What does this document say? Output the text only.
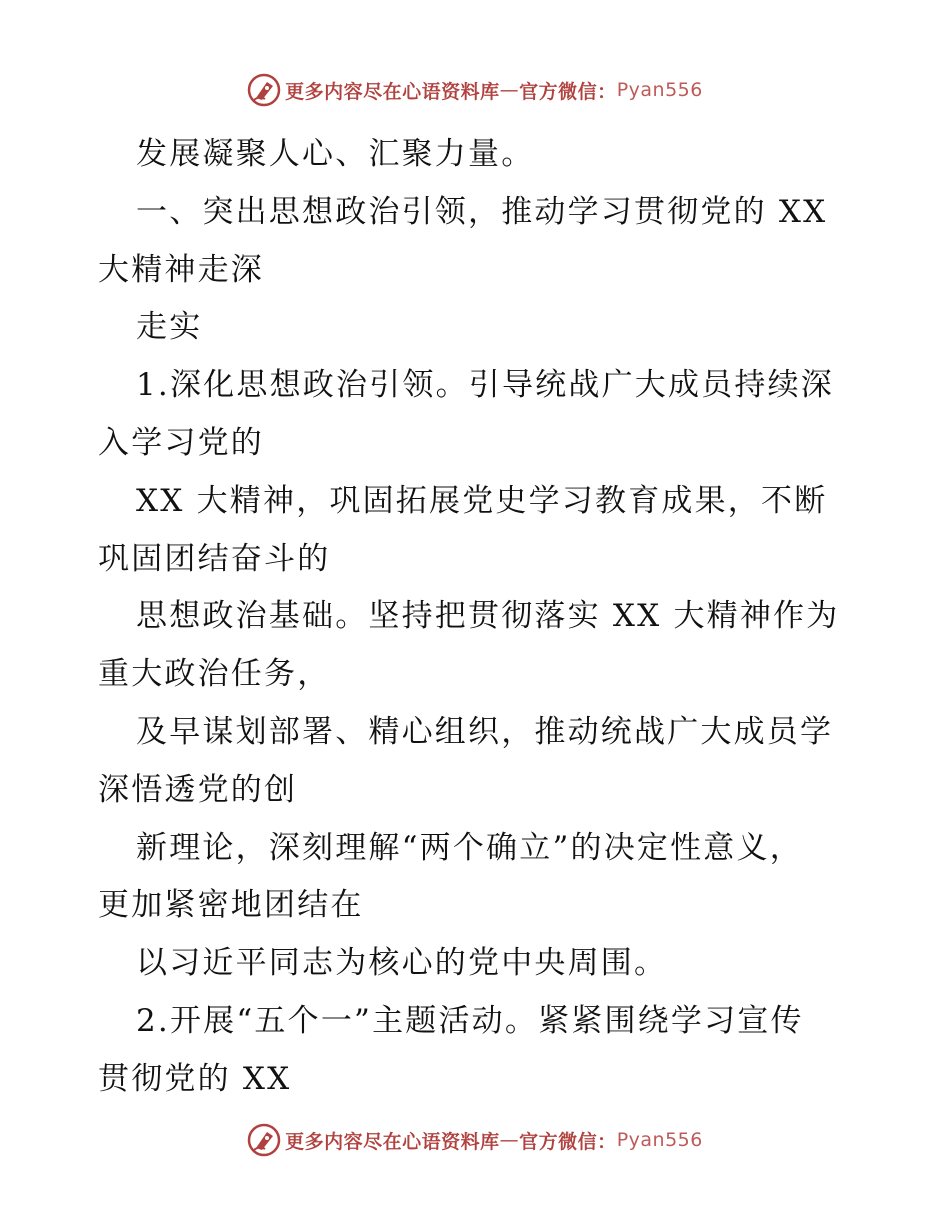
更多内容尽在心语资料库 — 官方微信： Pyan556
发展凝聚人心、汇聚力量。
一、突出思想政治引领，推动学习贯彻党的 XX
大精神走深
走实
1.深化思想政治引领。引导统战广大成员持续深
入学习党的
XX 大精神，巩固拓展党史学习教育成果，不断
巩固团结奋斗的
思想政治基础。坚持把贯彻落实 XX 大精神作为
重大政治任务，
及早谋划部署、精心组织，推动统战广大成员学
深悟透党的创
新理论，深刻理解“两个确立”的决定性意义，
更加紧密地团结在
以习近平同志为核心的党中央周围。
2.开展“五个一”主题活动。紧紧围绕学习宣传
贯彻党的 XX
更多内容尽在心语资料库 — 官方微信： Pyan556
